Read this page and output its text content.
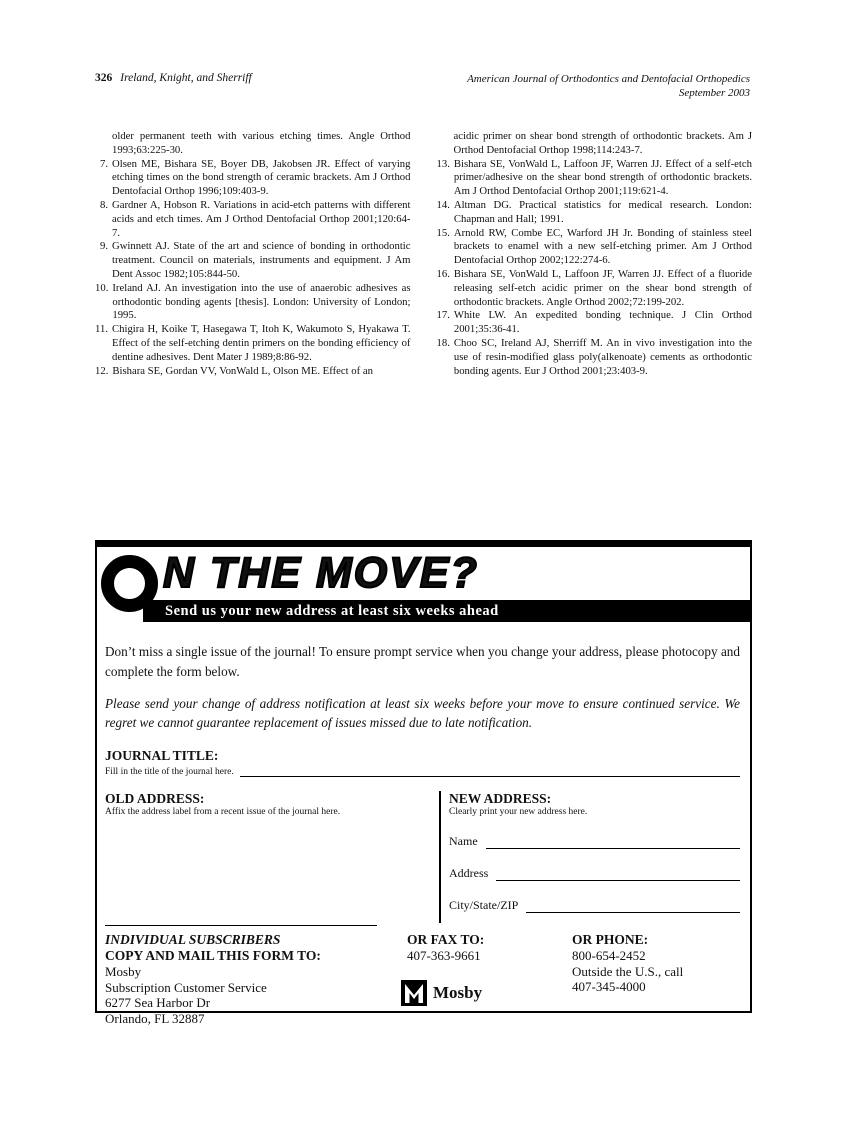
326 Ireland, Knight, and Sherriff	American Journal of Orthodontics and Dentofacial Orthopedics
September 2003
older permanent teeth with various etching times. Angle Orthod 1993;63:225-30.
7. Olsen ME, Bishara SE, Boyer DB, Jakobsen JR. Effect of varying etching times on the bond strength of ceramic brackets. Am J Orthod Dentofacial Orthop 1996;109:403-9.
8. Gardner A, Hobson R. Variations in acid-etch patterns with different acids and etch times. Am J Orthod Dentofacial Orthop 2001;120:64-7.
9. Gwinnett AJ. State of the art and science of bonding in orthodontic treatment. Council on materials, instruments and equipment. J Am Dent Assoc 1982;105:844-50.
10. Ireland AJ. An investigation into the use of anaerobic adhesives as orthodontic bonding agents [thesis]. London: University of London; 1995.
11. Chigira H, Koike T, Hasegawa T, Itoh K, Wakumoto S, Hyakawa T. Effect of the self-etching dentin primers on the bonding efficiency of dentine adhesives. Dent Mater J 1989;8:86-92.
12. Bishara SE, Gordan VV, VonWald L, Olson ME. Effect of an
acidic primer on shear bond strength of orthodontic brackets. Am J Orthod Dentofacial Orthop 1998;114:243-7.
13. Bishara SE, VonWald L, Laffoon JF, Warren JJ. Effect of a self-etch primer/adhesive on the shear bond strength of orthodontic brackets. Am J Orthod Dentofacial Orthop 2001;119:621-4.
14. Altman DG. Practical statistics for medical research. London: Chapman and Hall; 1991.
15. Arnold RW, Combe EC, Warford JH Jr. Bonding of stainless steel brackets to enamel with a new self-etching primer. Am J Orthod Dentofacial Orthop 2002;122:274-6.
16. Bishara SE, VonWald L, Laffoon JF, Warren JJ. Effect of a fluoride releasing self-etch acidic primer on the shear bond strength of orthodontic brackets. Angle Orthod 2002;72:199-202.
17. White LW. An expedited bonding technique. J Clin Orthod 2001;35:36-41.
18. Choo SC, Ireland AJ, Sherriff M. An in vivo investigation into the use of resin-modified glass poly(alkenoate) cements as orthodontic bonding agents. Eur J Orthod 2001;23:403-9.
N THE MOVE?
Send us your new address at least six weeks ahead
Don’t miss a single issue of the journal! To ensure prompt service when you change your address, please photocopy and complete the form below.
Please send your change of address notification at least six weeks before your move to ensure continued service. We regret we cannot guarantee replacement of issues missed due to late notification.
JOURNAL TITLE:
Fill in the title of the journal here.
OLD ADDRESS:
Affix the address label from a recent issue of the journal here.
NEW ADDRESS:
Clearly print your new address here.
Name
Address
City/State/ZIP
INDIVIDUAL SUBSCRIBERS
COPY AND MAIL THIS FORM TO:
Mosby
Subscription Customer Service
6277 Sea Harbor Dr
Orlando, FL 32887
OR FAX TO:
407-363-9661
Mosby
OR PHONE:
800-654-2452
Outside the U.S., call
407-345-4000
